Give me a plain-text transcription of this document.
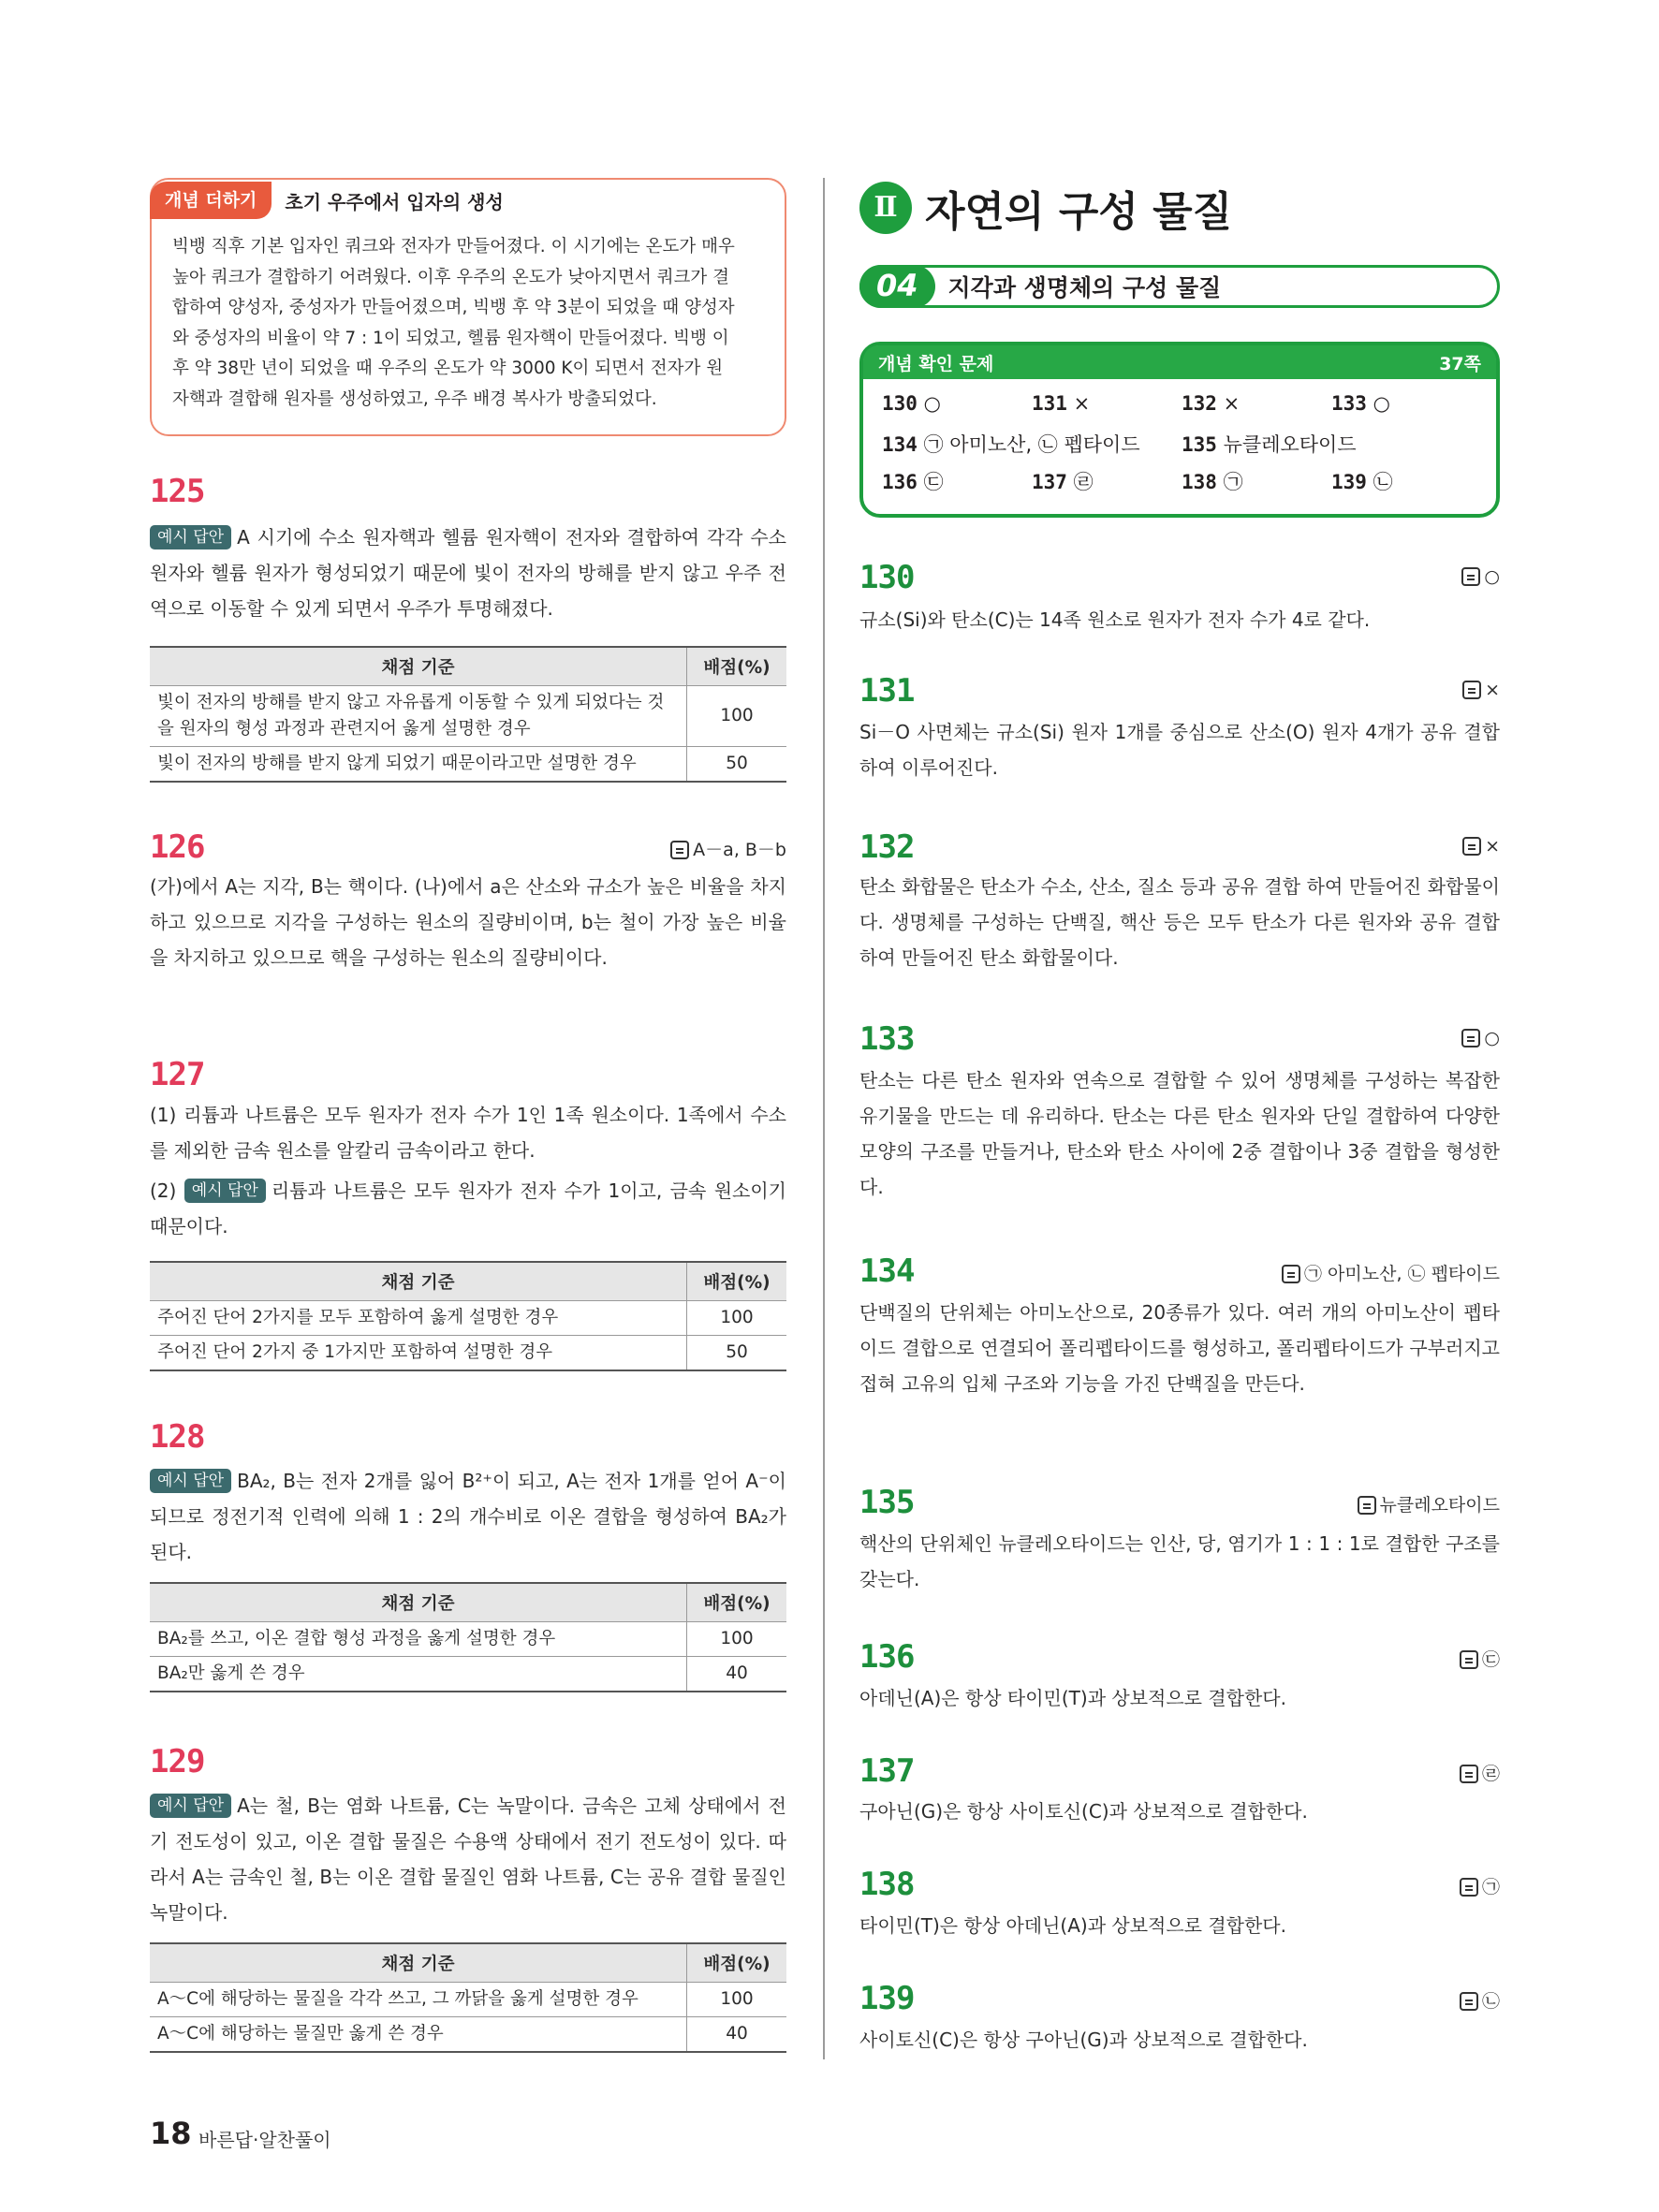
개념 더하기	초기 우주에서 입자의 생성
빅뱅 직후 기본 입자인 쿼크와 전자가 만들어졌다. 이 시기에는 온도가 매우
높아 쿼크가 결합하기 어려웠다. 이후 우주의 온도가 낮아지면서 쿼크가 결
합하여 양성자, 중성자가 만들어졌으며, 빅뱅 후 약 3분이 되었을 때 양성자
와 중성자의 비율이 약 7 : 1이 되었고, 헬륨 원자핵이 만들어졌다. 빅뱅 이
후 약 38만 년이 되었을 때 우주의 온도가 약 3000 K이 되면서 전자가 원
자핵과 결합해 원자를 생성하였고, 우주 배경 복사가 방출되었다.
125
예시 답안 A 시기에 수소 원자핵과 헬륨 원자핵이 전자와 결합하여 각각 수소 원자와 헬륨 원자가 형성되었기 때문에 빛이 전자의 방해를 받지 않고 우주 전역으로 이동할 수 있게 되면서 우주가 투명해졌다.
채점 기준	배점(%)

빛이 전자의 방해를 받지 않고 자유롭게 이동할 수 있게 되었다는 것
을 원자의 형성 과정과 관련지어 옳게 설명한 경우	100
빛이 전자의 방해를 받지 않게 되었기 때문이라고만 설명한 경우	50
126	A－a, B－b
(가)에서 A는 지각, B는 핵이다. (나)에서 a은 산소와 규소가 높은 비율을 차지하고 있으므로 지각을 구성하는 원소의 질량비이며, b는 철이 가장 높은 비율을 차지하고 있으므로 핵을 구성하는 원소의 질량비이다.
127
(1) 리튬과 나트륨은 모두 원자가 전자 수가 1인 1족 원소이다. 1족에서 수소를 제외한 금속 원소를 알칼리 금속이라고 한다.
(2) 예시 답안 리튬과 나트륨은 모두 원자가 전자 수가 1이고, 금속 원소이기 때문이다.
채점 기준	배점(%)
주어진 단어 2가지를 모두 포함하여 옳게 설명한 경우	100
주어진 단어 2가지 중 1가지만 포함하여 설명한 경우	50
128
예시 답안 BA₂, B는 전자 2개를 잃어 B²⁺이 되고, A는 전자 1개를 얻어 A⁻이 되므로 정전기적 인력에 의해 1 : 2의 개수비로 이온 결합을 형성하여 BA₂가 된다.
채점 기준	배점(%)
BA₂를 쓰고, 이온 결합 형성 과정을 옳게 설명한 경우	100
BA₂만 옳게 쓴 경우	40
129
예시 답안 A는 철, B는 염화 나트륨, C는 녹말이다. 금속은 고체 상태에서 전기 전도성이 있고, 이온 결합 물질은 수용액 상태에서 전기 전도성이 있다. 따라서 A는 금속인 철, B는 이온 결합 물질인 염화 나트륨, C는 공유 결합 물질인 녹말이다.
채점 기준	배점(%)
A～C에 해당하는 물질을 각각 쓰고, 그 까닭을 옳게 설명한 경우	100
A～C에 해당하는 물질만 옳게 쓴 경우	40
Ⅱ 자연의 구성 물질
04	지각과 생명체의 구성 물질
개념 확인 문제	37쪽
130 ○	131 ×	132 ×	133 ○
134 ㉠ 아미노산, ㉡ 펩타이드 135 뉴클레오타이드
136 ㉢	137 ㉣	138 ㉠	139 ㉡
130	○
규소(Si)와 탄소(C)는 14족 원소로 원자가 전자 수가 4로 같다.
131	×
Si－O 사면체는 규소(Si) 원자 1개를 중심으로 산소(O) 원자 4개가 공유 결합 하여 이루어진다.
132	×
탄소 화합물은 탄소가 수소, 산소, 질소 등과 공유 결합 하여 만들어진 화합물이다. 생명체를 구성하는 단백질, 핵산 등은 모두 탄소가 다른 원자와 공유 결합 하여 만들어진 탄소 화합물이다.
133	○
탄소는 다른 탄소 원자와 연속으로 결합할 수 있어 생명체를 구성하는 복잡한 유기물을 만드는 데 유리하다. 탄소는 다른 탄소 원자와 단일 결합하여 다양한 모양의 구조를 만들거나, 탄소와 탄소 사이에 2중 결합이나 3중 결합을 형성한다.
134	㉠ 아미노산, ㉡ 펩타이드
단백질의 단위체는 아미노산으로, 20종류가 있다. 여러 개의 아미노산이 펩타이드 결합으로 연결되어 폴리펩타이드를 형성하고, 폴리펩타이드가 구부러지고 접혀 고유의 입체 구조와 기능을 가진 단백질을 만든다.
135	뉴클레오타이드
핵산의 단위체인 뉴클레오타이드는 인산, 당, 염기가 1 : 1 : 1로 결합한 구조를 갖는다.
136	㉢
아데닌(A)은 항상 타이민(T)과 상보적으로 결합한다.
137	㉣
구아닌(G)은 항상 사이토신(C)과 상보적으로 결합한다.
138	㉠
타이민(T)은 항상 아데닌(A)과 상보적으로 결합한다.
139	㉡
사이토신(C)은 항상 구아닌(G)과 상보적으로 결합한다.
18 바른답·알찬풀이
